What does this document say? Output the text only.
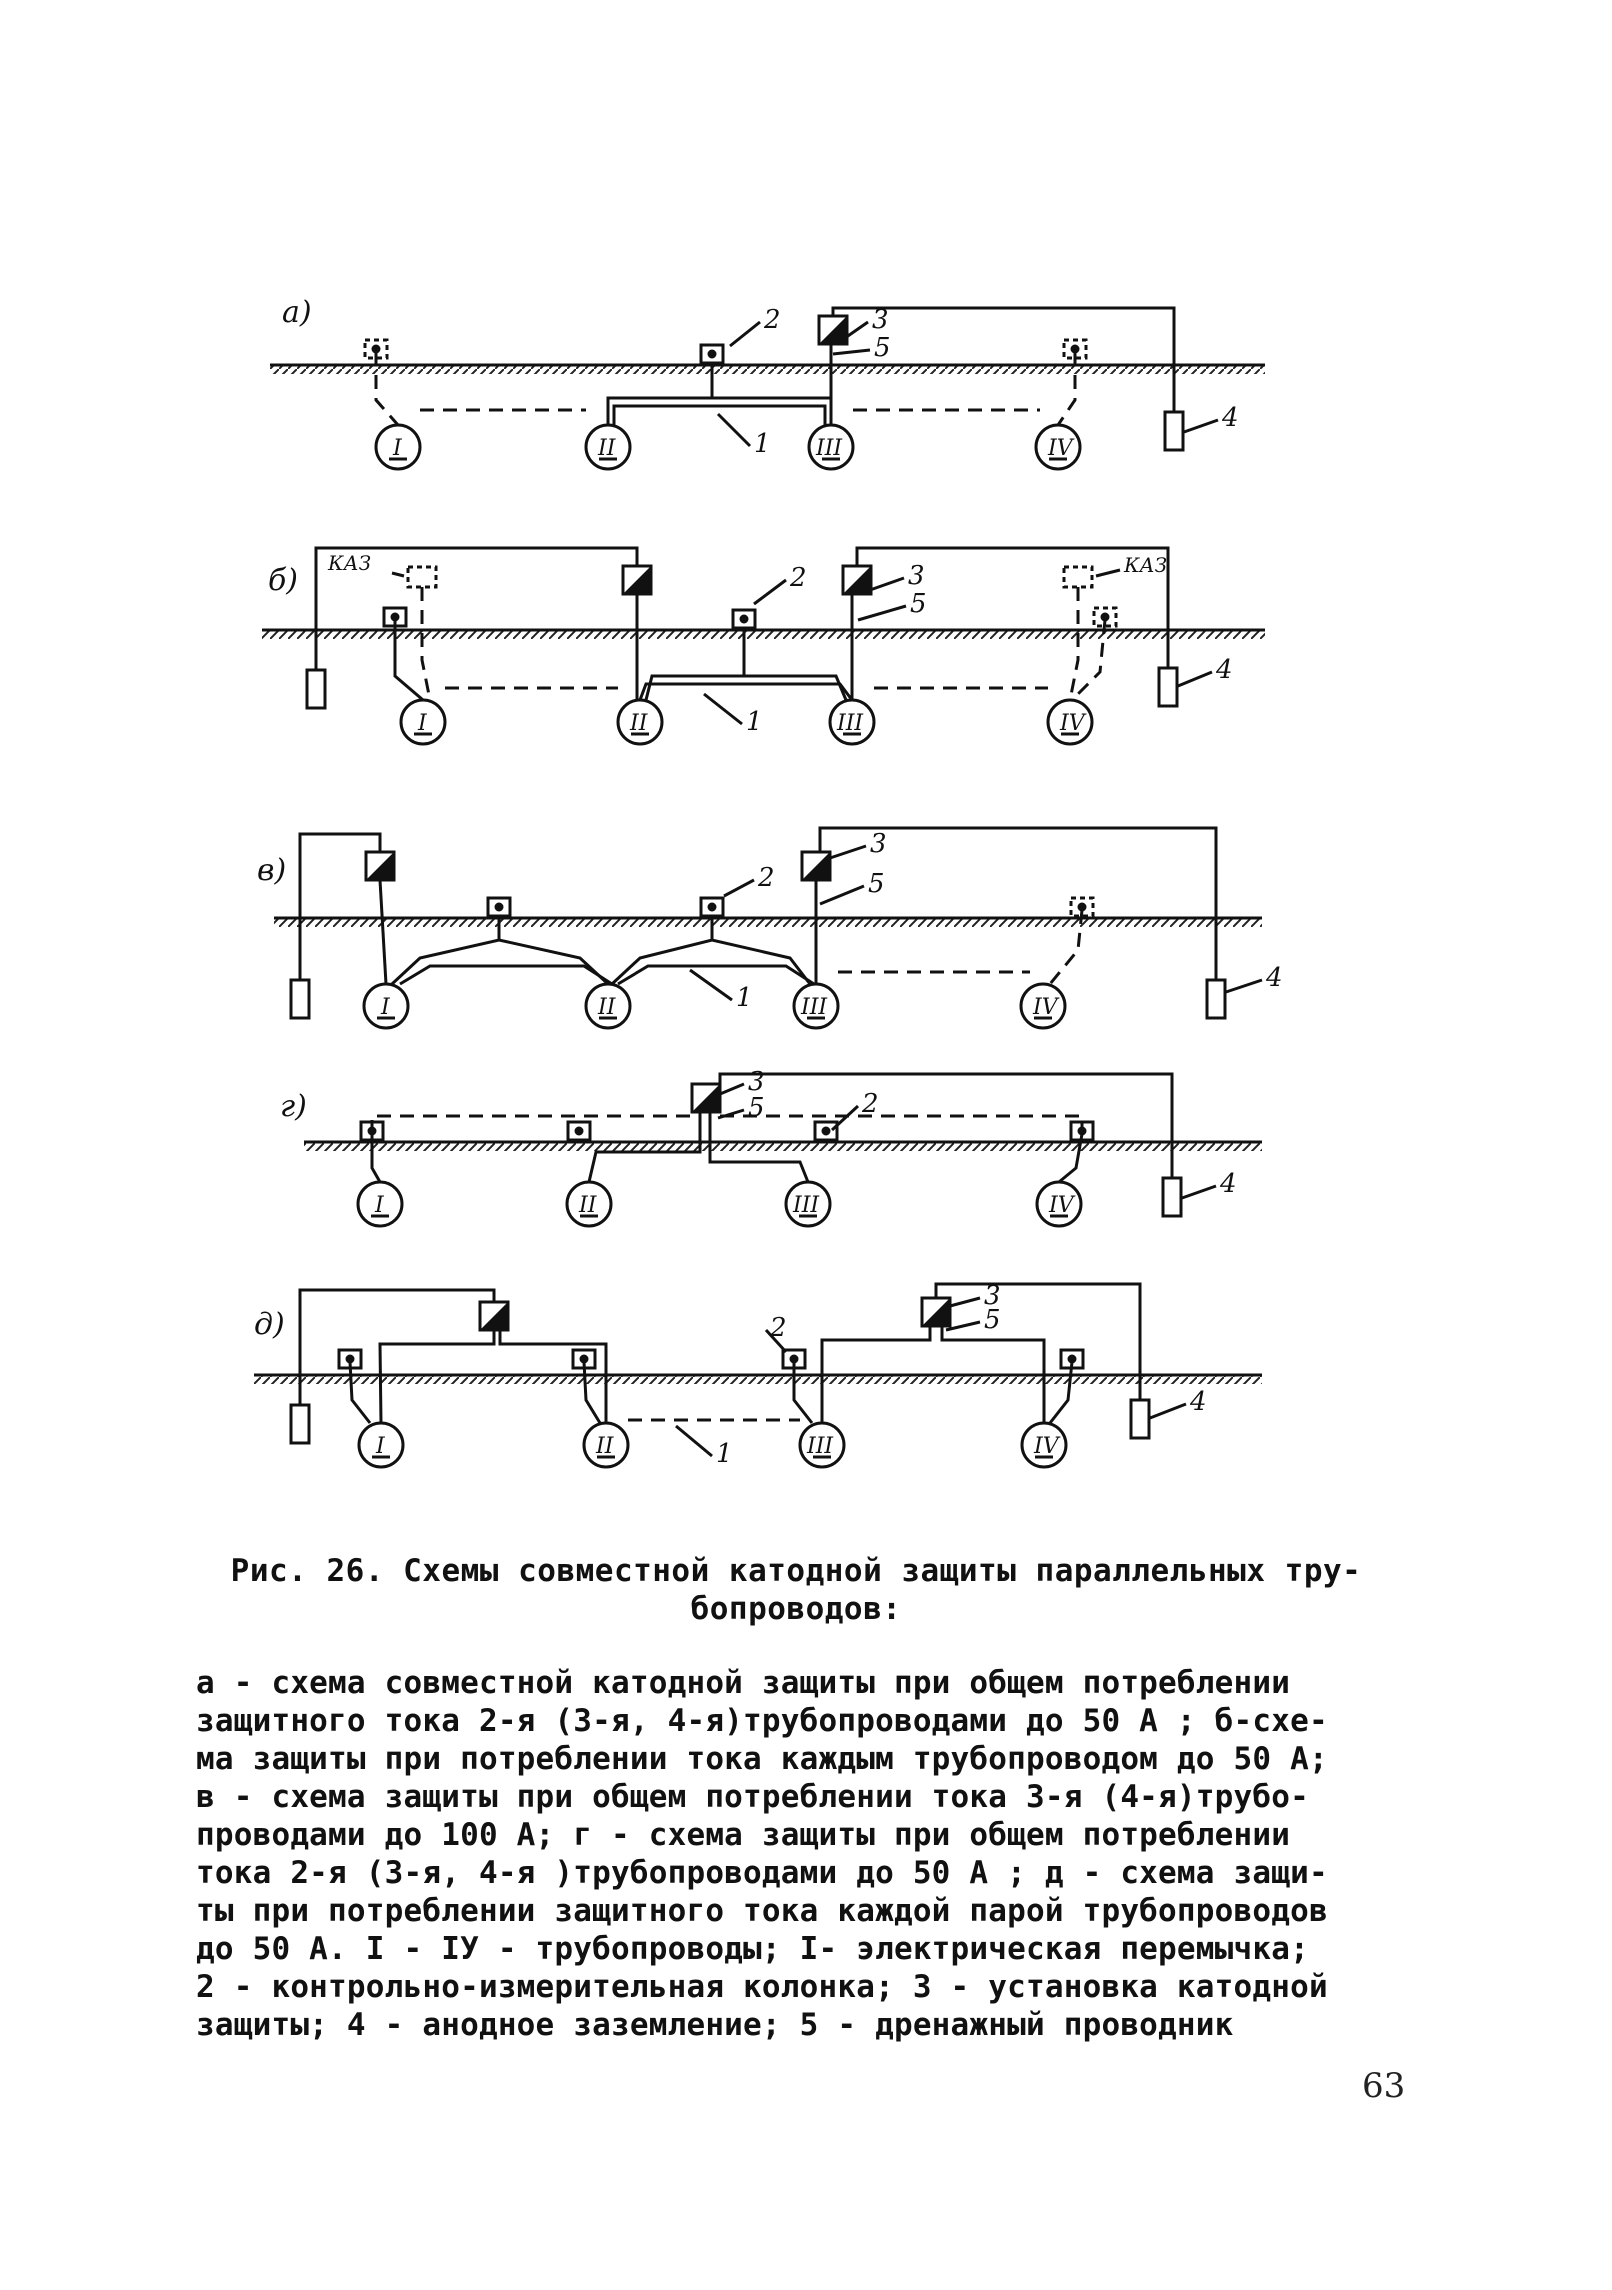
а)
I	II	III	IV
2	3
5
1
4
б) КАЗ	КАЗ
I	II	III	IV
2	3
5
1
4
в)
I	II	III	IV
2
3
5
1
4
г)
I	II	III	IV
2
3
5
4
д)
I	II	III	IV
2
3
5
1
4
Рис. 26. Схемы совместной катодной защиты параллельных тру-
бопроводов:
а - схема совместной катодной защиты при общем потреблении
защитного тока 2-я (3-я, 4-я)трубопроводами до 50 А ; б-схе-
ма защиты при потреблении тока каждым трубопроводом до 50 А;
в - схема защиты при общем потреблении тока 3-я (4-я)трубо-
проводами до 100 А; г - схема защиты при общем потреблении
тока 2-я (3-я, 4-я )трубопроводами до 50 А ; д - схема защи-
ты при потреблении защитного тока каждой парой трубопроводов
до 50 А. I - IУ - трубопроводы; I- электрическая перемычка;
2 - контрольно-измерительная колонка; 3 - установка катодной
защиты; 4 - анодное заземление; 5 - дренажный проводник
63
